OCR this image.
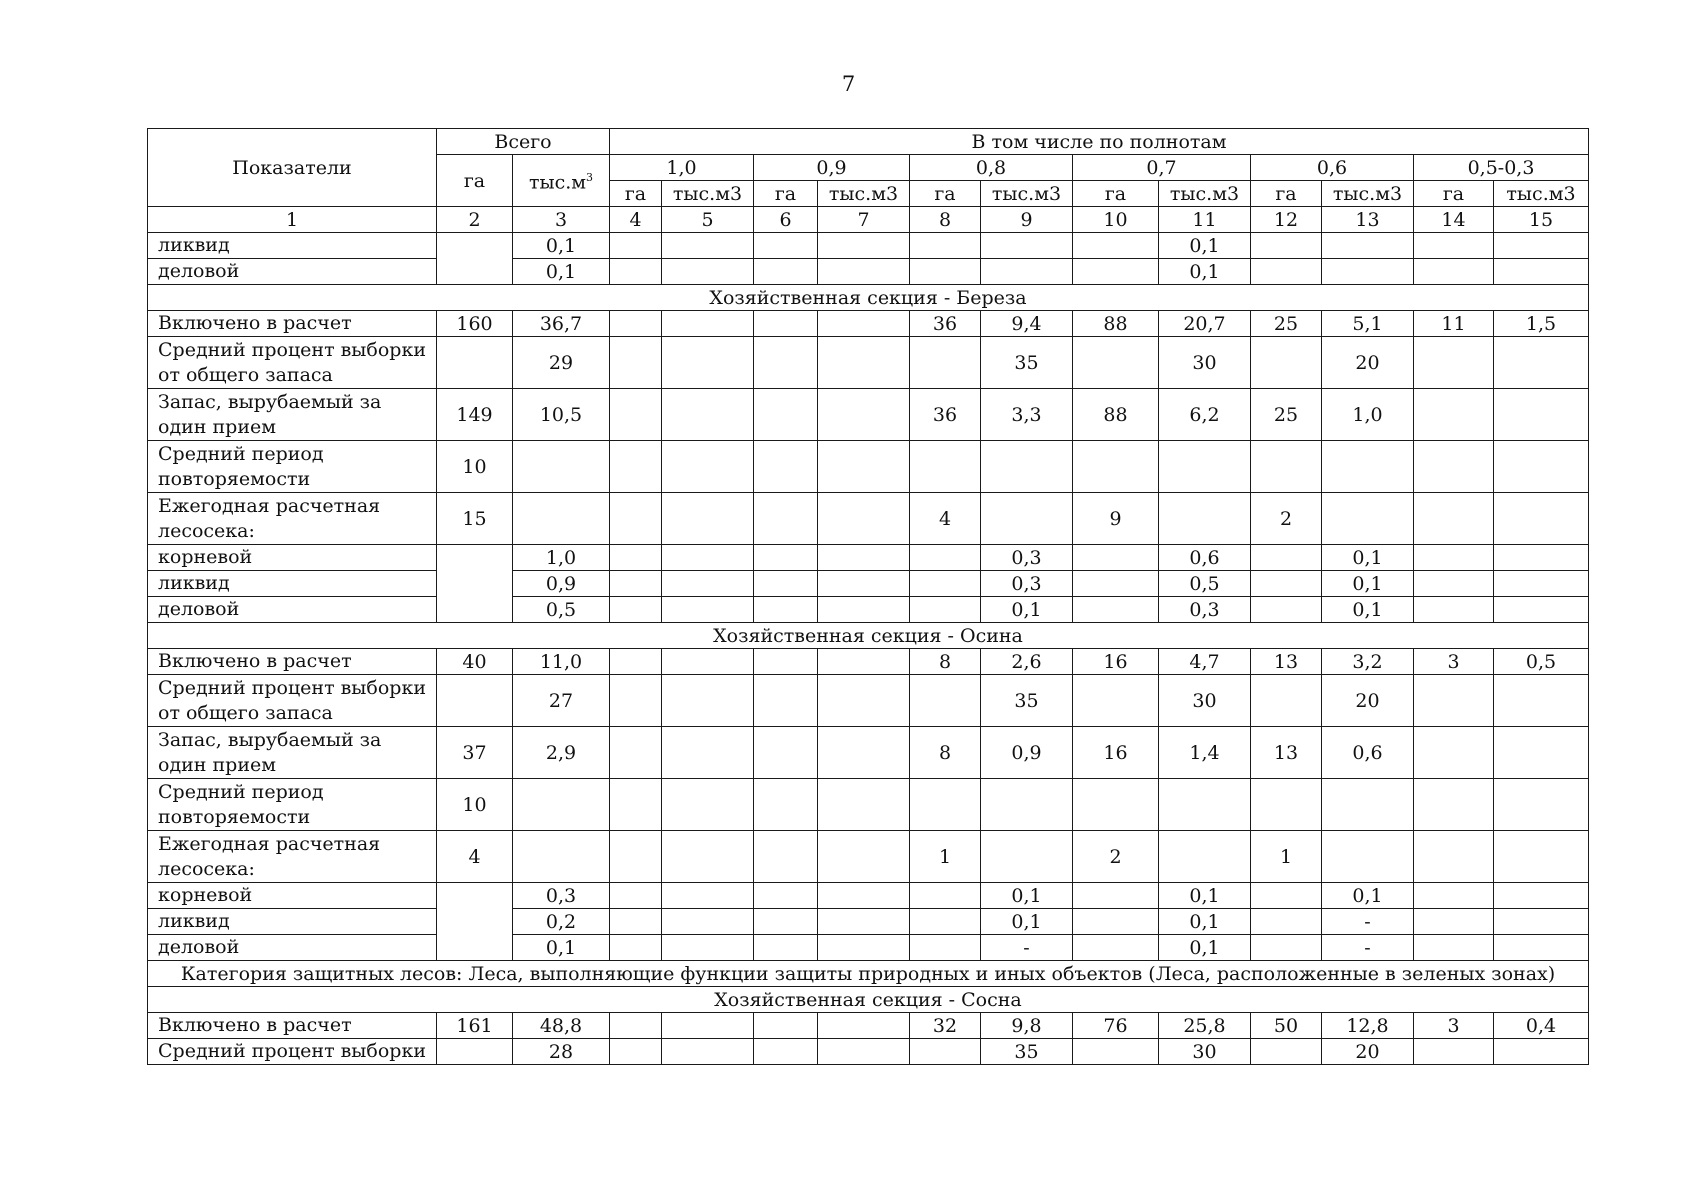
7
Показатели	Всего		В том числе по полнотам											
	га	$тыс.м^3$	1,0		0,9		0,8		0,7		0,6		0,5-0,3	
			га	тыс.м3	га	тыс.м3	га	тыс.м3	га	тыс.м3	га	тыс.м3	га	тыс.м3
1	2	3	4	5	6	7	8	9	10	11	12	13	14	15
ликвид		0,1								0,1				
деловой		0,1								0,1				
Хозяйственная секция - Береза														
Включено в расчет	160	36,7					36	9,4	88	20,7	25	5,1	11	1,5
Средний процент выборки от общего запаса		29						35		30		20		
Запас, вырубаемый за один прием	149	10,5					36	3,3	88	6,2	25	1,0		
Средний период повторяемости	10													
Ежегодная расчетная лесосека:	15						4		9		2			
корневой		1,0						0,3		0,6		0,1		
ликвид		0,9						0,3		0,5		0,1		
деловой		0,5						0,1		0,3		0,1		
Хозяйственная секция - Осина														
Включено в расчет	40	11,0					8	2,6	16	4,7	13	3,2	3	0,5
Средний процент выборки от общего запаса		27						35		30		20		
Запас, вырубаемый за один прием	37	2,9					8	0,9	16	1,4	13	0,6		
Средний период повторяемости	10													
Ежегодная расчетная лесосека:	4						1		2		1			
корневой		0,3						0,1		0,1		0,1		
ликвид		0,2						0,1		0,1		-		
деловой		0,1						-		0,1		-		
Категория защитных лесов: Леса, выполняющие функции защиты природных и иных объектов (Леса, расположенные в зеленых зонах)														
Хозяйственная секция - Сосна														
Включено в расчет	161	48,8					32	9,8	76	25,8	50	12,8	3	0,4
Средний процент выборки		28						35		30		20		
